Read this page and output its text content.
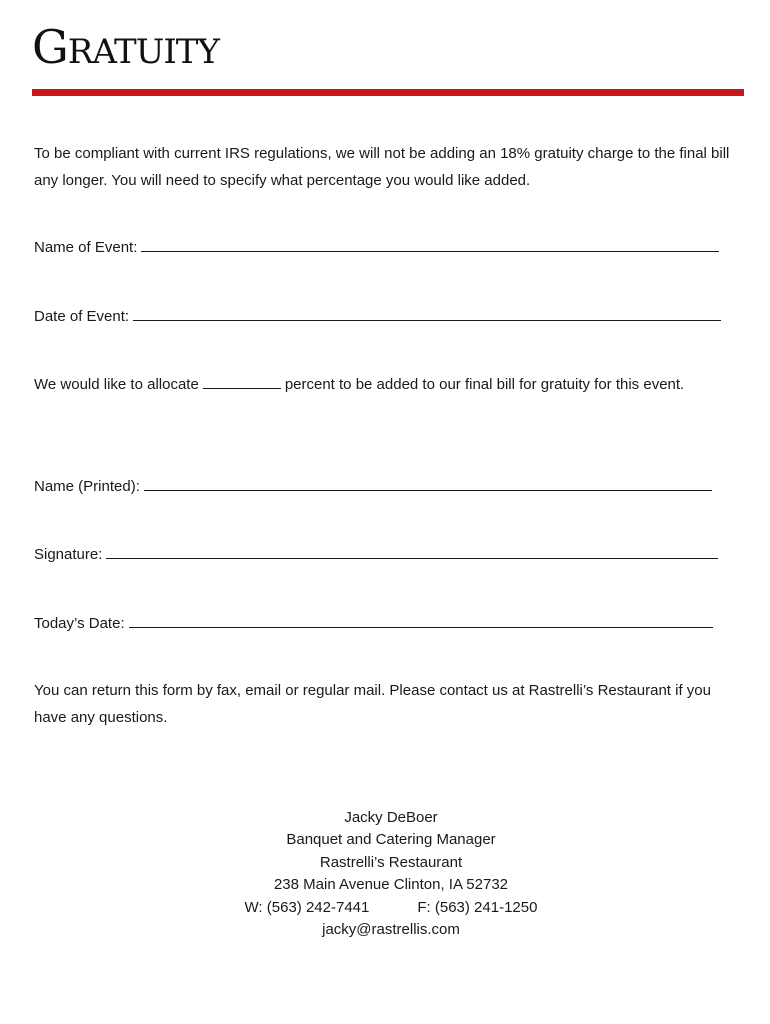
GRATUITY
To be compliant with current IRS regulations, we will not be adding an 18% gratuity charge to the final bill any longer. You will need to specify what percentage you would like added.
Name of Event:
Date of Event:
We would like to allocate	percent to be added to our final bill for gratuity for this event.
Name (Printed):
Signature:
Today’s Date:
You can return this form by fax, email or regular mail. Please contact us at Rastrelli’s Restaurant if you have any questions.
Jacky DeBoer
Banquet and Catering Manager
Rastrelli’s Restaurant
238 Main Avenue Clinton, IA 52732
W: (563) 242-7441	F: (563) 241-1250
jacky@rastrellis.com
